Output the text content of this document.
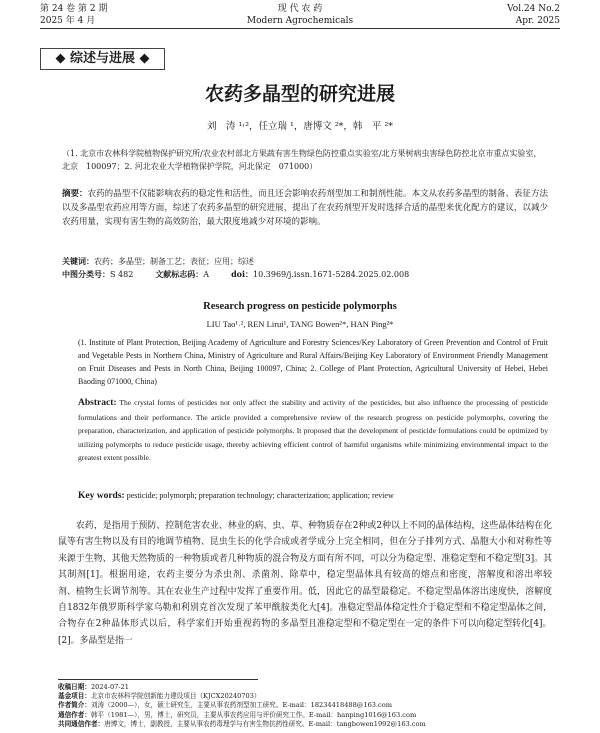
第 24 卷 第 2 期
2025 年 4 月
现 代 农 药
Modern Agrochemicals
Vol.24 No.2
Apr. 2025
◆ 综述与进展 ◆
农药多晶型的研究进展
刘　涛 ¹˒²，任立瑞 ¹，唐博文 ²*，韩　平 ²*
（1. 北京市农林科学院植物保护研究所/农业农村部北方果蔬有害生物绿色防控重点实验室/北方果树病虫害绿色防控北京市重点实验室，北京　100097；2. 河北农业大学植物保护学院，河北保定　071000）
摘要：农药的晶型不仅能影响农药的稳定性和活性，而且还会影响农药剂型加工和制剂性能。本文从农药多晶型的制备、表征方法以及多晶型农药应用等方面，综述了农药多晶型的研究进展，提出了在农药剂型开发时选择合适的晶型来优化配方的建议，以减少农药用量，实现有害生物的高效防治，最大限度地减少对环境的影响。
关键词：农药；多晶型；制备工艺；表征；应用；综述
中图分类号：S 482	文献标志码：A	doi：10.3969/j.issn.1671-5284.2025.02.008
Research progress on pesticide polymorphs
LIU Tao¹˒², REN Lirui¹, TANG Bowen²*, HAN Ping²*
(1. Institute of Plant Protection, Beijing Academy of Agriculture and Forestry Sciences/Key Laboratory of Green Prevention and Control of Fruit and Vegetable Pests in Northern China, Ministry of Agriculture and Rural Affairs/Beijing Key Laboratory of Environment Friendly Management on Fruit Diseases and Pests in North China, Beijing 100097, China; 2. College of Plant Protection, Agricultural University of Hebei, Hebei Baoding 071000, China)
Abstract: The crystal forms of pesticides not only affect the stability and activity of the pesticides, but also influence the processing of pesticide formulations and their performance. The article provided a comprehensive review of the research progress on pesticide polymorphs, covering the preparation, characterization, and application of pesticide polymorphs. It proposed that the development of pesticide formulations could be optimized by utilizing polymorphs to reduce pesticide usage, thereby achieving efficient control of harmful organisms while minimizing environmental impact to the greatest extent possible.
Key words: pesticide; polymorph; preparation technology; characterization; application; review
农药，是指用于预防、控制危害农业、林业的病、虫、草、鼠等有害生物以及有目的地调节植物、昆虫生长的化学合成或者来源于生物、其他天然物质的一种物质或者几种物质的混合物及其制剂[1]。根据用途，农药主要分为杀虫剂、杀菌剂、除草剂、植物生长调节剂等。其在农业生产过程中发挥了重要作用。自1832年俄罗斯科学家乌勒和利别克首次发现了苯甲酰胺类化合物存在2种晶体形式以后，科学家们开始重视药物的多晶型[2]。多晶型是指一
种物质存在2种或2种以上不同的晶体结构，这些晶体结构在化学成分上完全相同，但在分子排列方式、晶胞大小和对称性等方面有所不同，可以分为稳定型、准稳定型和不稳定型[3]。其中，稳定型晶体具有较高的熔点和密度，溶解度和溶出率较低，因此它的晶型最稳定。不稳定型晶体溶出速度快，溶解度大[4]。准稳定型晶体稳定性介于稳定型和不稳定型晶体之间，且准稳定型和不稳定型在一定的条件下可以向稳定型转化[4]。
收稿日期：2024-07-21
基金项目：北京市农林科学院创新能力建设项目（KJCX20240703）
作者简介：刘涛（2000—），女，硕士研究生，主要从事农药剂型加工研究。E-mail：18234418488@163.com
通信作者：韩平（1981—），男，博士，研究员，主要从事农药应用与评价研究工作。E-mail：hanping1016@163.com
共同通信作者：唐博文，博士，副教授，主要从事农药毒理学与有害生物抗药性研究。E-mail：tangbowen1992@163.com
